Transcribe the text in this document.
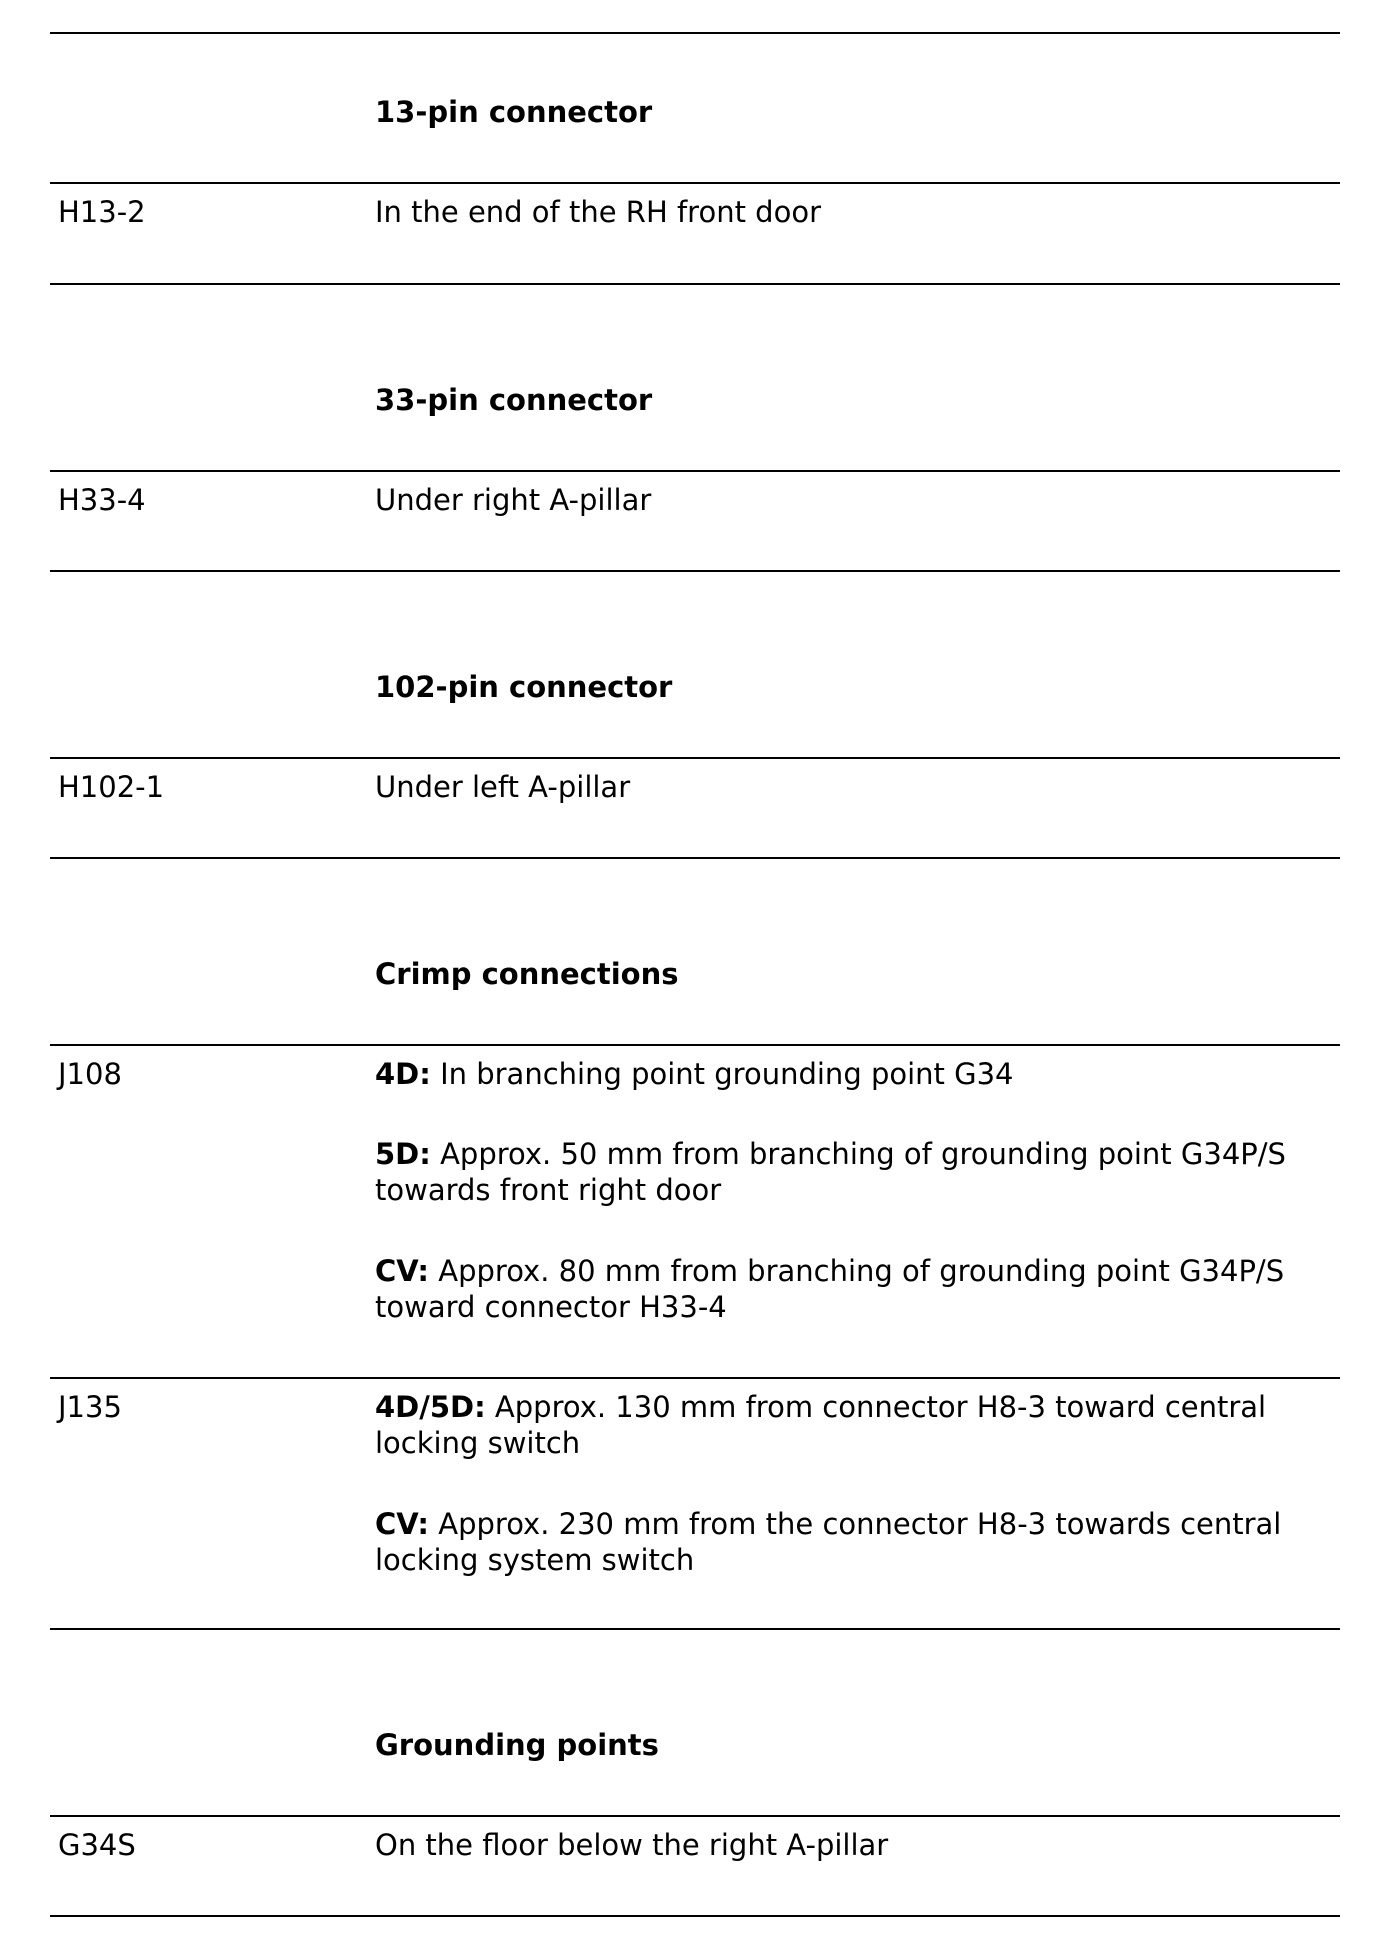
13-pin connector
H13-2	In the end of the RH front door
33-pin connector
H33-4	Under right A-pillar
102-pin connector
H102-1	Under left A-pillar
Crimp connections
J108	4D: In branching point grounding point G34
5D: Approx. 50 mm from branching of grounding point G34P/S towards front right door
CV: Approx. 80 mm from branching of grounding point G34P/S toward connector H33-4
J135	4D/5D: Approx. 130 mm from connector H8-3 toward central locking switch
CV: Approx. 230 mm from the connector H8-3 towards central locking system switch
Grounding points
G34S	On the floor below the right A-pillar
